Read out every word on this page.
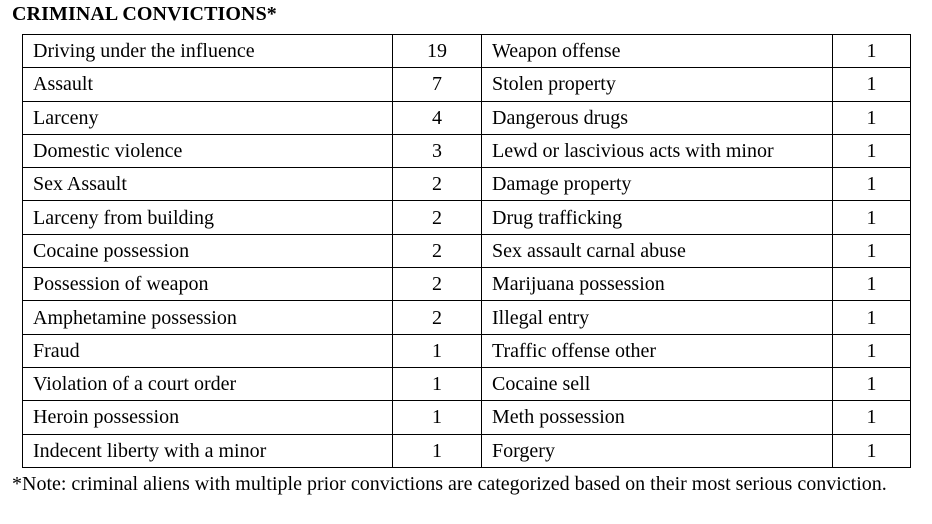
CRIMINAL CONVICTIONS*
Driving under the influence	19	Weapon offense	1
Assault	7	Stolen property	1
Larceny	4	Dangerous drugs	1
Domestic violence	3	Lewd or lascivious acts with minor	1
Sex Assault	2	Damage property	1
Larceny from building	2	Drug trafficking	1
Cocaine possession	2	Sex assault carnal abuse	1
Possession of weapon	2	Marijuana possession	1
Amphetamine possession	2	Illegal entry	1
Fraud	1	Traffic offense other	1
Violation of a court order	1	Cocaine sell	1
Heroin possession	1	Meth possession	1
Indecent liberty with a minor	1	Forgery	1
*Note: criminal aliens with multiple prior convictions are categorized based on their most serious conviction.
